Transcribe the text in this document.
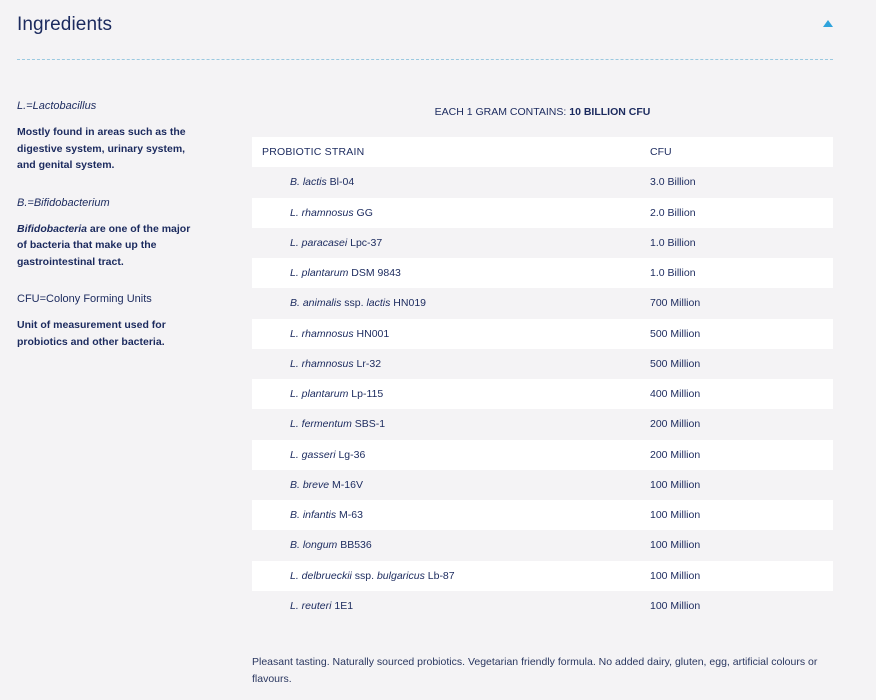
Ingredients
L.=Lactobacillus
Mostly found in areas such as the digestive system, urinary system, and genital system.
B.=Bifidobacterium
Bifidobacteria are one of the major of bacteria that make up the gastrointestinal tract.
CFU=Colony Forming Units
Unit of measurement used for probiotics and other bacteria.
EACH 1 GRAM CONTAINS: 10 BILLION CFU
PROBIOTIC STRAIN	CFU
B. lactis Bl-04	3.0 Billion
L. rhamnosus GG	2.0 Billion
L. paracasei Lpc-37	1.0 Billion
L. plantarum DSM 9843	1.0 Billion
B. animalis ssp. lactis HN019	700 Million
L. rhamnosus HN001	500 Million
L. rhamnosus Lr-32	500 Million
L. plantarum Lp-115	400 Million
L. fermentum SBS-1	200 Million
L. gasseri Lg-36	200 Million
B. breve M-16V	100 Million
B. infantis M-63	100 Million
B. longum BB536	100 Million
L. delbrueckii ssp. bulgaricus Lb-87	100 Million
L. reuteri 1E1	100 Million
Pleasant tasting. Naturally sourced probiotics. Vegetarian friendly formula. No added dairy, gluten, egg, artificial colours or flavours.
